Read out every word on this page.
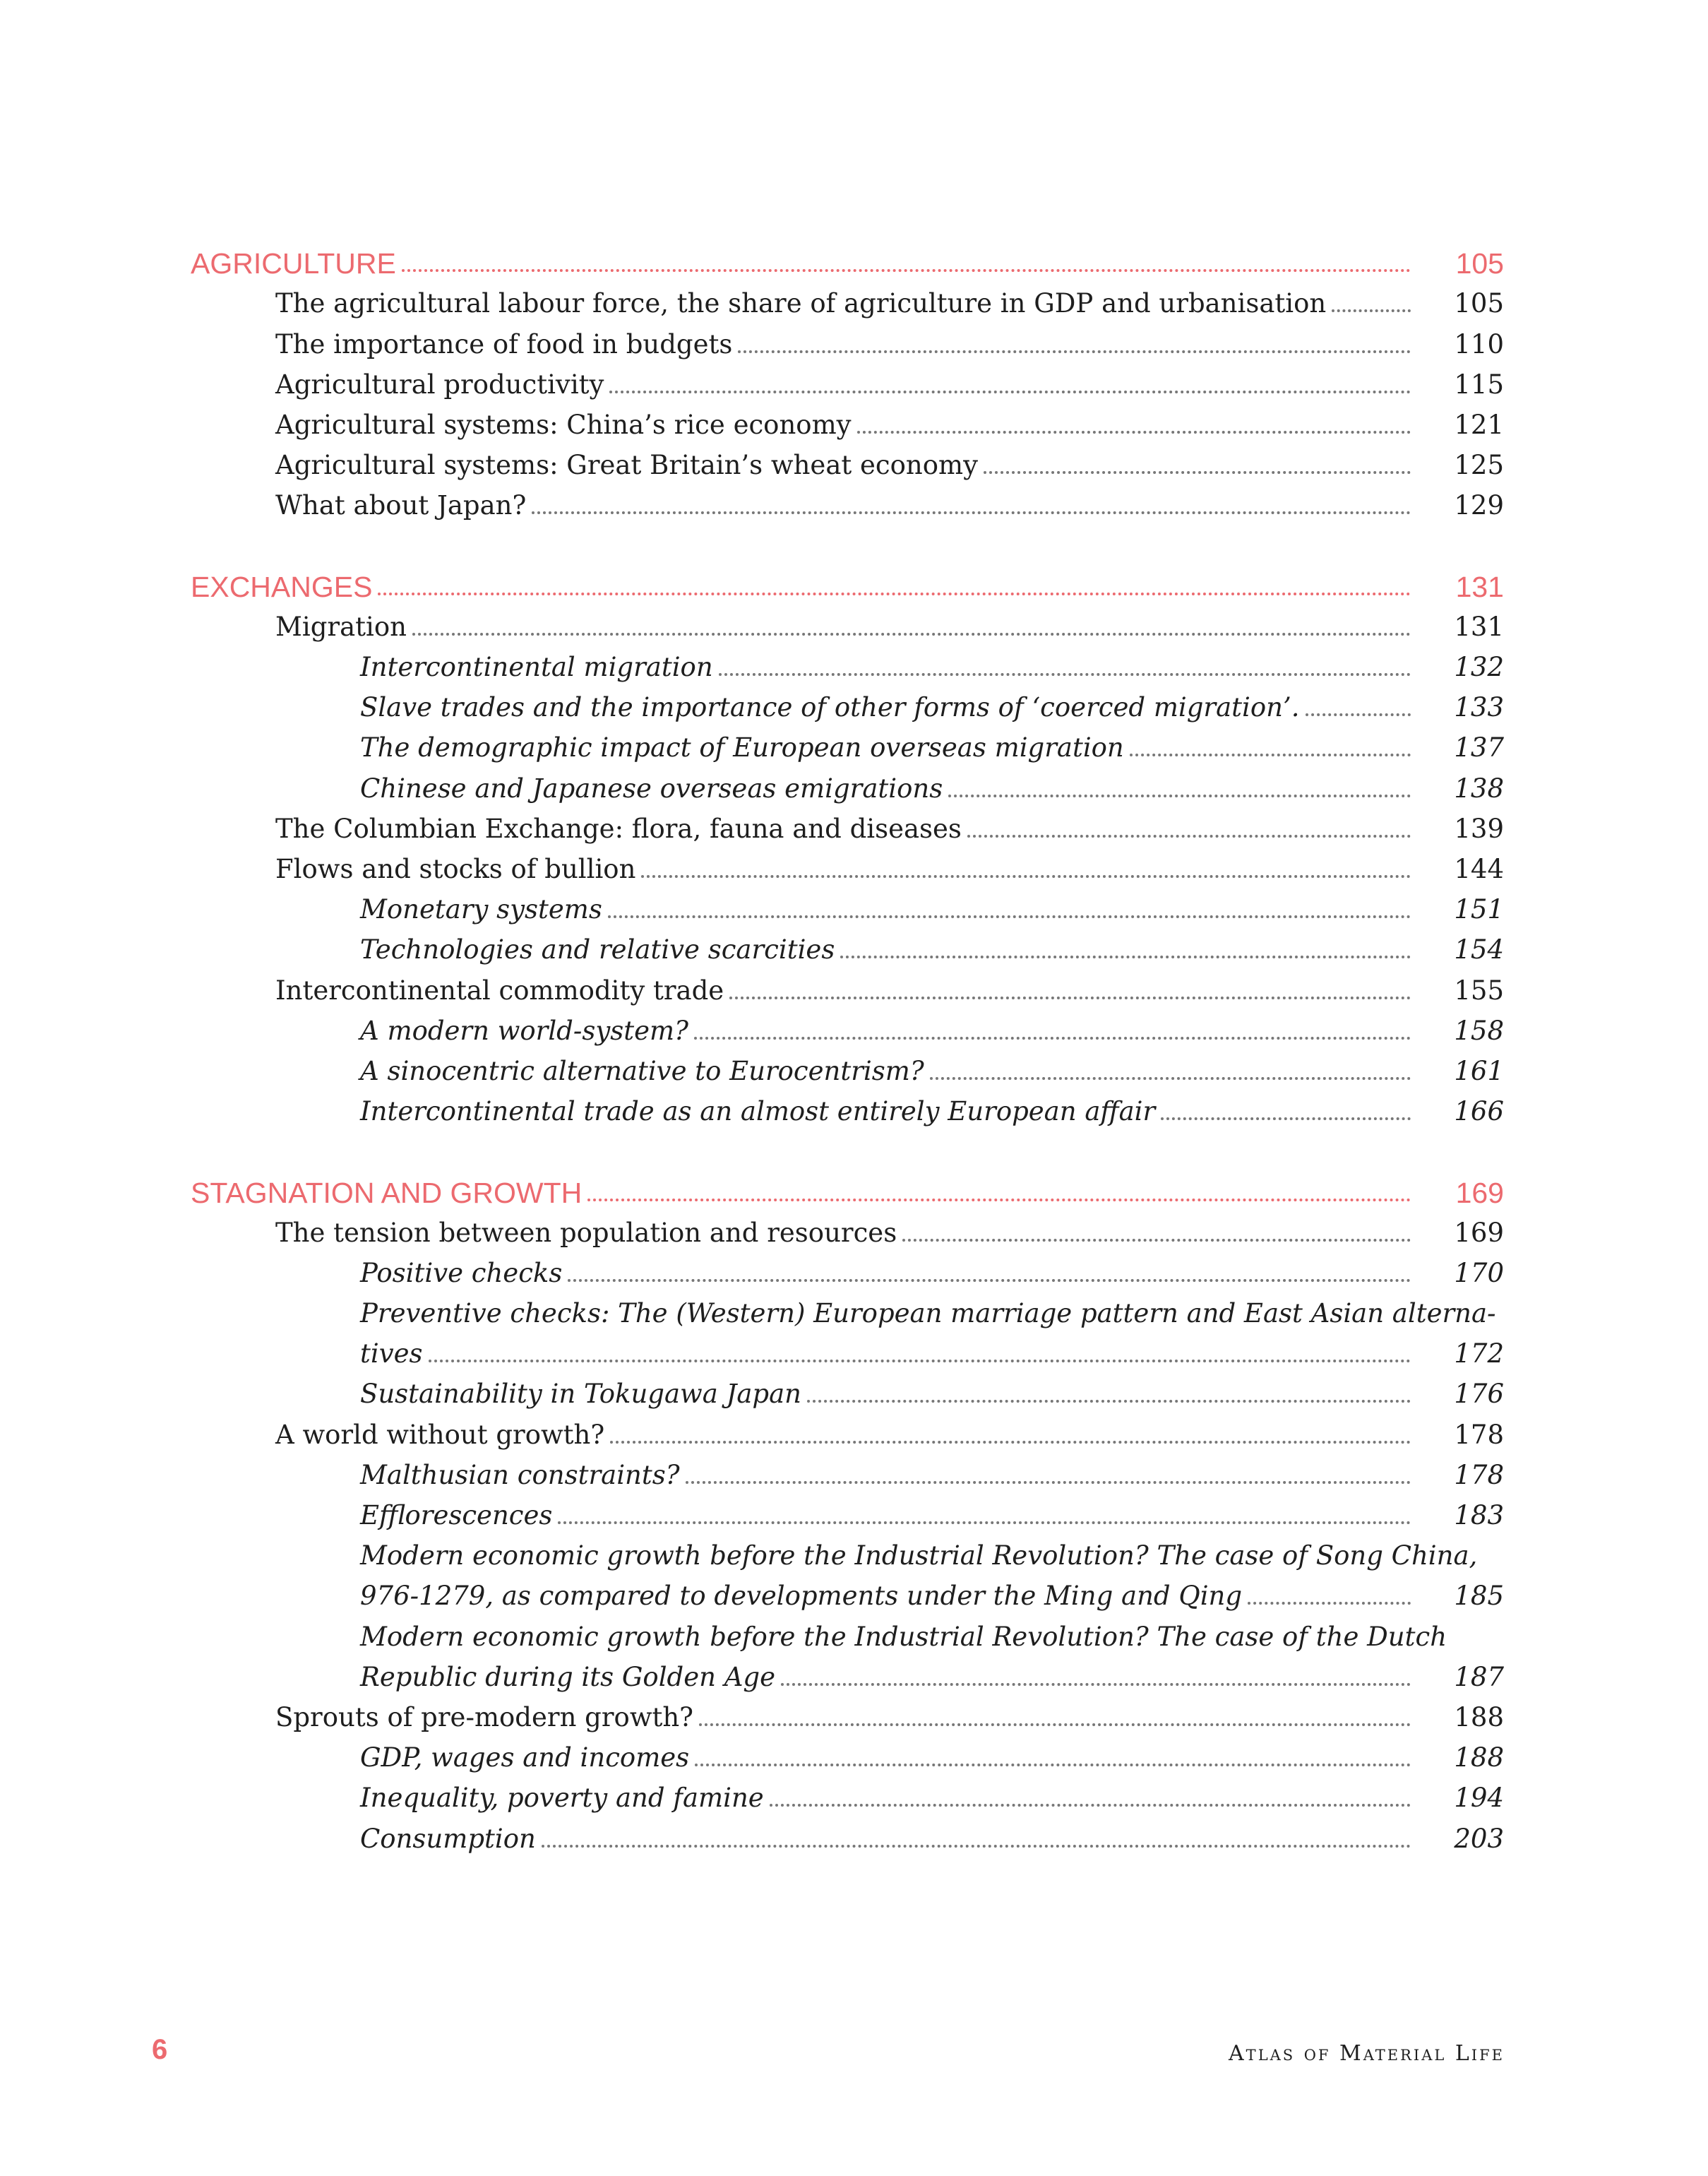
AGRICULTURE	105
The agricultural labour force, the share of agriculture in GDP and urbanisation	105
The importance of food in budgets	110
Agricultural productivity	115
Agricultural systems: China’s rice economy	121
Agricultural systems: Great Britain’s wheat economy	125
What about Japan?	129
EXCHANGES	131
Migration	131
Intercontinental migration	132
Slave trades and the importance of other forms of ‘coerced migration’.	133
The demographic impact of European overseas migration	137
Chinese and Japanese overseas emigrations	138
The Columbian Exchange: flora, fauna and diseases	139
Flows and stocks of bullion	144
Monetary systems	151
Technologies and relative scarcities	154
Intercontinental commodity trade	155
A modern world-system?	158
A sinocentric alternative to Eurocentrism?	161
Intercontinental trade as an almost entirely European affair	166
STAGNATION AND GROWTH	169
The tension between population and resources	169
Positive checks	170
Preventive checks: The (Western) European marriage pattern and East Asian alterna-
tives	172
Sustainability in Tokugawa Japan	176
A world without growth?	178
Malthusian constraints?	178
Efflorescences	183
Modern economic growth before the Industrial Revolution? The case of Song China,
976-1279, as compared to developments under the Ming and Qing	185
Modern economic growth before the Industrial Revolution? The case of the Dutch
Republic during its Golden Age	187
Sprouts of pre-modern growth?	188
GDP, wages and incomes	188
Inequality, poverty and famine	194
Consumption	203
6	Atlas of Material Life
